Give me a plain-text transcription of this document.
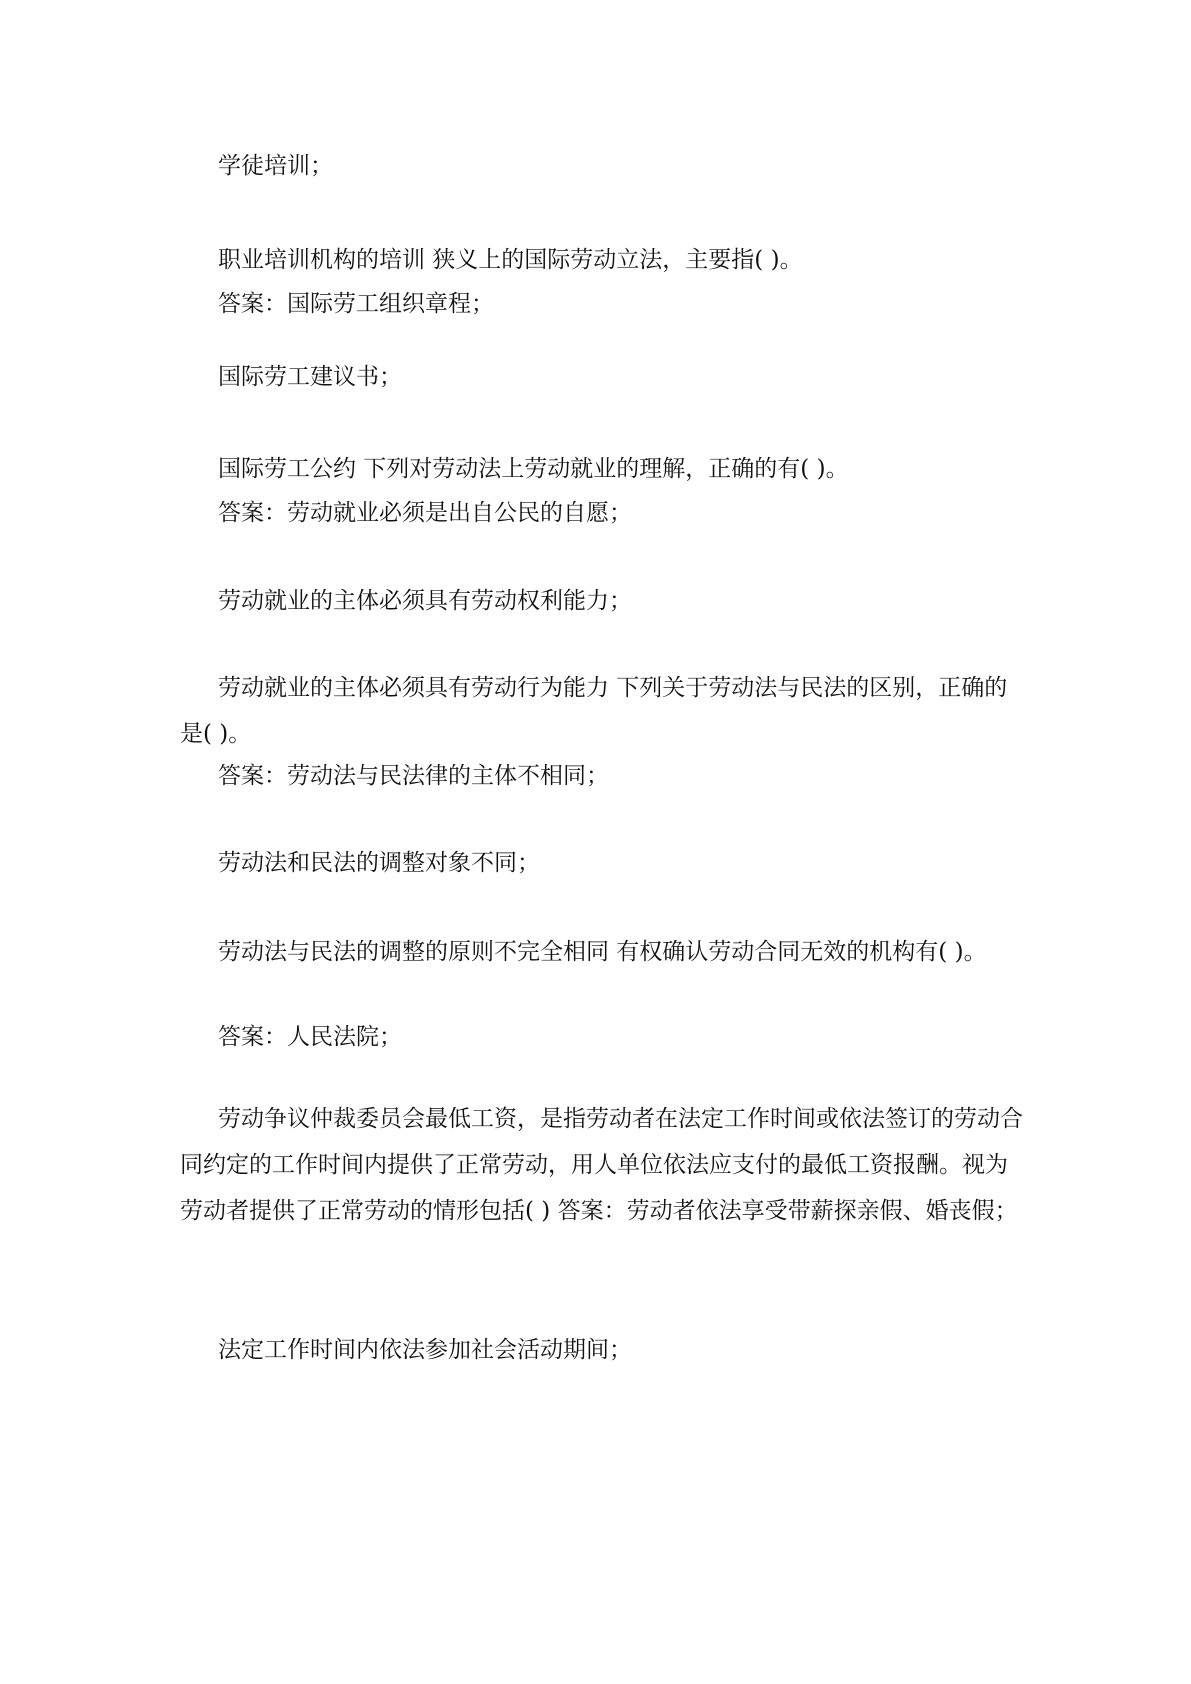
学徒培训；

职业培训机构的培训 狭义上的国际劳动立法，主要指( )。

答案：国际劳工组织章程；

国际劳工建议书；

国际劳工公约 下列对劳动法上劳动就业的理解，正确的有( )。

答案：劳动就业必须是出自公民的自愿；

劳动就业的主体必须具有劳动权利能力；

劳动就业的主体必须具有劳动行为能力 下列关于劳动法与民法的区别，正确的是( )。

答案：劳动法与民法律的主体不相同；

劳动法和民法的调整对象不同；

劳动法与民法的调整的原则不完全相同 有权确认劳动合同无效的机构有( )。

答案：人民法院；

劳动争议仲裁委员会最低工资，是指劳动者在法定工作时间或依法签订的劳动合同约定的工作时间内提供了正常劳动，用人单位依法应支付的最低工资报酬。视为劳动者提供了正常劳动的情形包括( ) 答案：劳动者依法享受带薪探亲假、婚丧假；

法定工作时间内依法参加社会活动期间；
